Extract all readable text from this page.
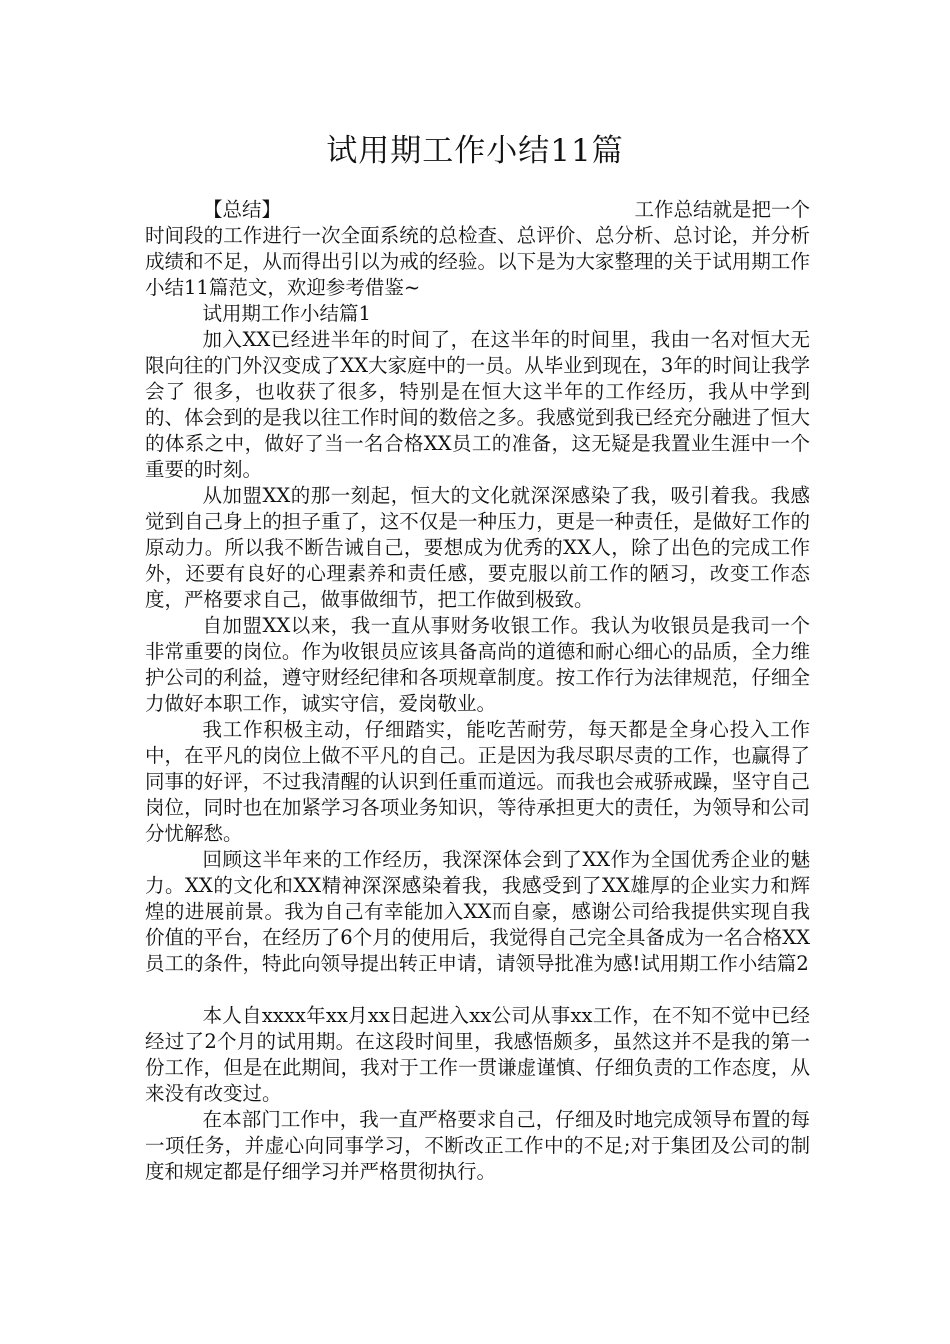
试用期工作小结11篇
【总结】	工作总结就是把一个

时间段的工作进行一次全面系统的总检查、总评价、总分析、总讨论，并分析成绩和不足，从而得出引以为戒的经验。以下是为大家整理的关于试用期工作小结11篇范文，欢迎参考借鉴~

试用期工作小结篇1

加入XX已经进半年的时间了，在这半年的时间里，我由一名对恒大无限向往的门外汉变成了XX大家庭中的一员。从毕业到现在，3年的时间让我学会了 很多，也收获了很多，特别是在恒大这半年的工作经历，我从中学到的、体会到的是我以往工作时间的数倍之多。我感觉到我已经充分融进了恒大的体系之中，做好了当一名合格XX员工的准备，这无疑是我置业生涯中一个重要的时刻。

从加盟XX的那一刻起，恒大的文化就深深感染了我，吸引着我。我感觉到自己身上的担子重了，这不仅是一种压力，更是一种责任，是做好工作的原动力。所以我不断告诫自己，要想成为优秀的XX人，除了出色的完成工作外，还要有良好的心理素养和责任感，要克服以前工作的陋习，改变工作态度，严格要求自己，做事做细节，把工作做到极致。

自加盟XX以来，我一直从事财务收银工作。我认为收银员是我司一个非常重要的岗位。作为收银员应该具备高尚的道德和耐心细心的品质，全力维护公司的利益，遵守财经纪律和各项规章制度。按工作行为法律规范，仔细全力做好本职工作，诚实守信，爱岗敬业。

我工作积极主动，仔细踏实，能吃苦耐劳，每天都是全身心投入工作中，在平凡的岗位上做不平凡的自己。正是因为我尽职尽责的工作，也赢得了同事的好评，不过我清醒的认识到任重而道远。而我也会戒骄戒躁，坚守自己岗位，同时也在加紧学习各项业务知识，等待承担更大的责任，为领导和公司分忧解愁。

回顾这半年来的工作经历，我深深体会到了XX作为全国优秀企业的魅力。XX的文化和XX精神深深感染着我，我感受到了XX雄厚的企业实力和辉煌的进展前景。我为自己有幸能加入XX而自豪，感谢公司给我提供实现自我价值的平台，在经历了6个月的使用后，我觉得自己完全具备成为一名合格XX员工的条件，特此向领导提出转正申请，请领导批准为感!试用期工作小结篇2

本人自xxxx年xx月xx日起进入xx公司从事xx工作，在不知不觉中已经经过了2个月的试用期。在这段时间里，我感悟颇多，虽然这并不是我的第一份工作，但是在此期间，我对于工作一贯谦虚谨慎、仔细负责的工作态度，从来没有改变过。

在本部门工作中，我一直严格要求自己，仔细及时地完成领导布置的每一项任务，并虚心向同事学习，不断改正工作中的不足;对于集团及公司的制度和规定都是仔细学习并严格贯彻执行。
